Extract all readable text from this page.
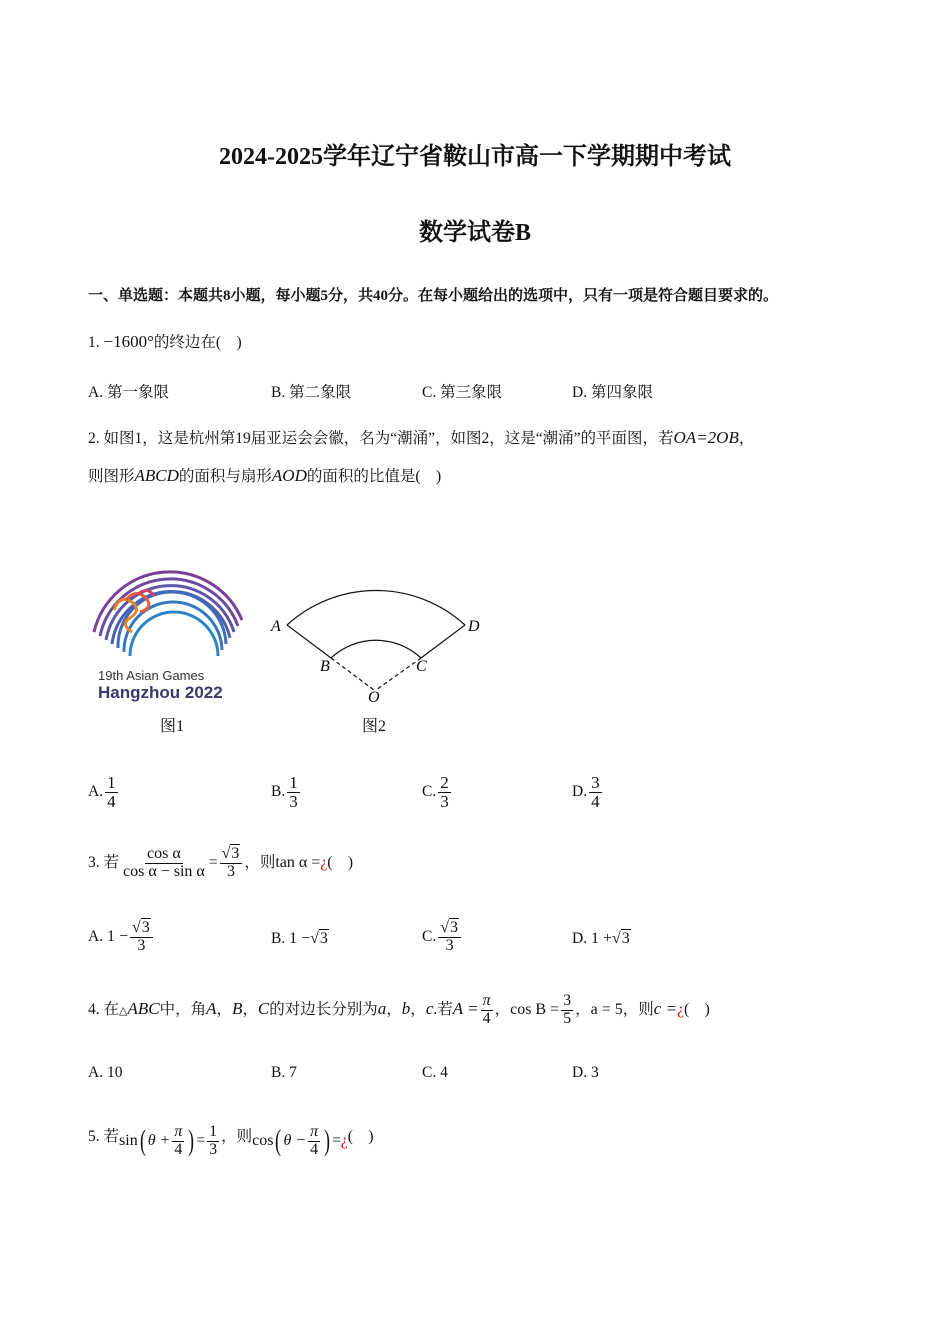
2024-2025学年辽宁省鞍山市高一下学期期中考试
数学试卷B
一、单选题：本题共8小题，每小题5分，共40分。在每小题给出的选项中，只有一项是符合题目要求的。
1. −1600°的终边在(　)
A. 第一象限	B. 第二象限	C. 第三象限	D. 第四象限
2. 如图1，这是杭州第19届亚运会会徽，名为“潮涌”，如图2，这是“潮涌”的平面图，若OA=2OB，
则图形ABCD的面积与扇形AOD的面积的比值是(　)
19th Asian Games
Hangzhou 2022
图1
A
B	C
D
O
图2
A. $\frac{1}{4}$	B. $\frac{1}{3}$	C. $\frac{2}{3}$	D. $\frac{3}{4}$
3. 若 $\frac{\text{cos α}}{\text{cos α − sin α}} = \frac{√3}{3}$ ，则tan α =¿(　)
A. $1 - \frac{√3}{3}$	B. 1 −√3	C. $\frac{√3}{3}$	D. 1 +√3
4. 在△ABC中，角A，B，C的对边长分别为a，b，c.若$A = \frac{\pi}{4}$ ，$\cos B = \frac{3}{5}$ ，a = 5，则c =¿(　)
A. 10	B. 7	C. 4	D. 3
5. 若sin( $\theta + \frac{\pi}{4}$ ) = $\frac{1}{3}$ ，则cos( $\theta - \frac{\pi}{4}$ ) =¿(　)
